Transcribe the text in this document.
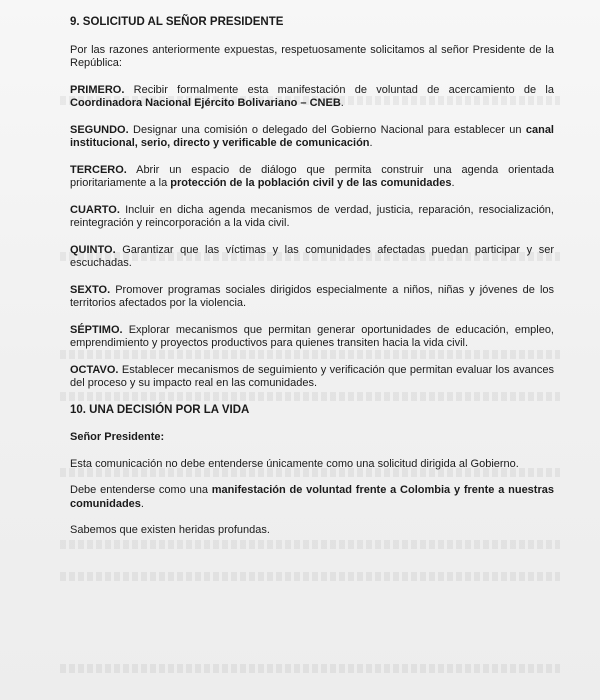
9. SOLICITUD AL SEÑOR PRESIDENTE

Por las razones anteriormente expuestas, respetuosamente solicitamos al señor Presidente de la República:

PRIMERO. Recibir formalmente esta manifestación de voluntad de acercamiento de la Coordinadora Nacional Ejército Bolivariano – CNEB.

SEGUNDO. Designar una comisión o delegado del Gobierno Nacional para establecer un canal institucional, serio, directo y verificable de comunicación.

TERCERO. Abrir un espacio de diálogo que permita construir una agenda orientada prioritariamente a la protección de la población civil y de las comunidades.

CUARTO. Incluir en dicha agenda mecanismos de verdad, justicia, reparación, resocialización, reintegración y reincorporación a la vida civil.

QUINTO. Garantizar que las víctimas y las comunidades afectadas puedan participar y ser escuchadas.

SEXTO. Promover programas sociales dirigidos especialmente a niños, niñas y jóvenes de los territorios afectados por la violencia.

SÉPTIMO. Explorar mecanismos que permitan generar oportunidades de educación, empleo, emprendimiento y proyectos productivos para quienes transiten hacia la vida civil.

OCTAVO. Establecer mecanismos de seguimiento y verificación que permitan evaluar los avances del proceso y su impacto real en las comunidades.

10. UNA DECISIÓN POR LA VIDA

Señor Presidente:

Esta comunicación no debe entenderse únicamente como una solicitud dirigida al Gobierno.

Debe entenderse como una manifestación de voluntad frente a Colombia y frente a nuestras comunidades.

Sabemos que existen heridas profundas.
